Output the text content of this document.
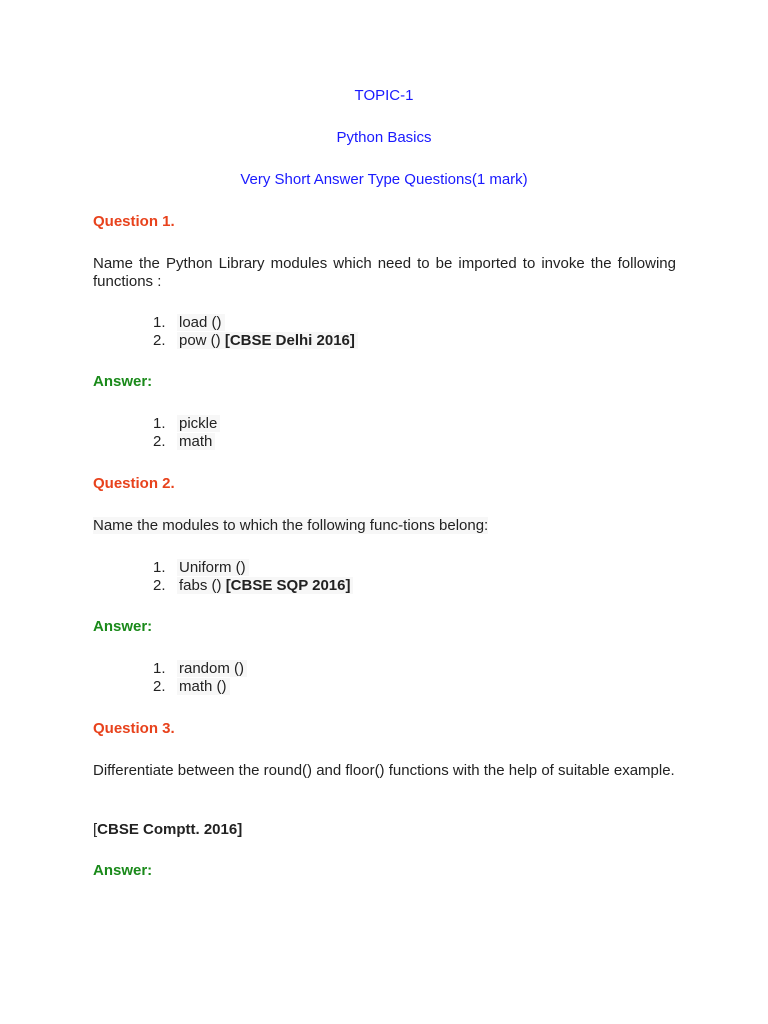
TOPIC-1
Python Basics
Very Short Answer Type Questions(1 mark)
Question 1.
Name the Python Library modules which need to be imported to invoke the following functions :
1. load ()
2. pow () [CBSE Delhi 2016]
Answer:
1. pickle
2. math
Question 2.
Name the modules to which the following func-tions belong:
1. Uniform ()
2. fabs () [CBSE SQP 2016]
Answer:
1. random ()
2. math ()
Question 3.
Differentiate between the round() and floor() functions with the help of suitable example.
[CBSE Comptt. 2016]
Answer:
